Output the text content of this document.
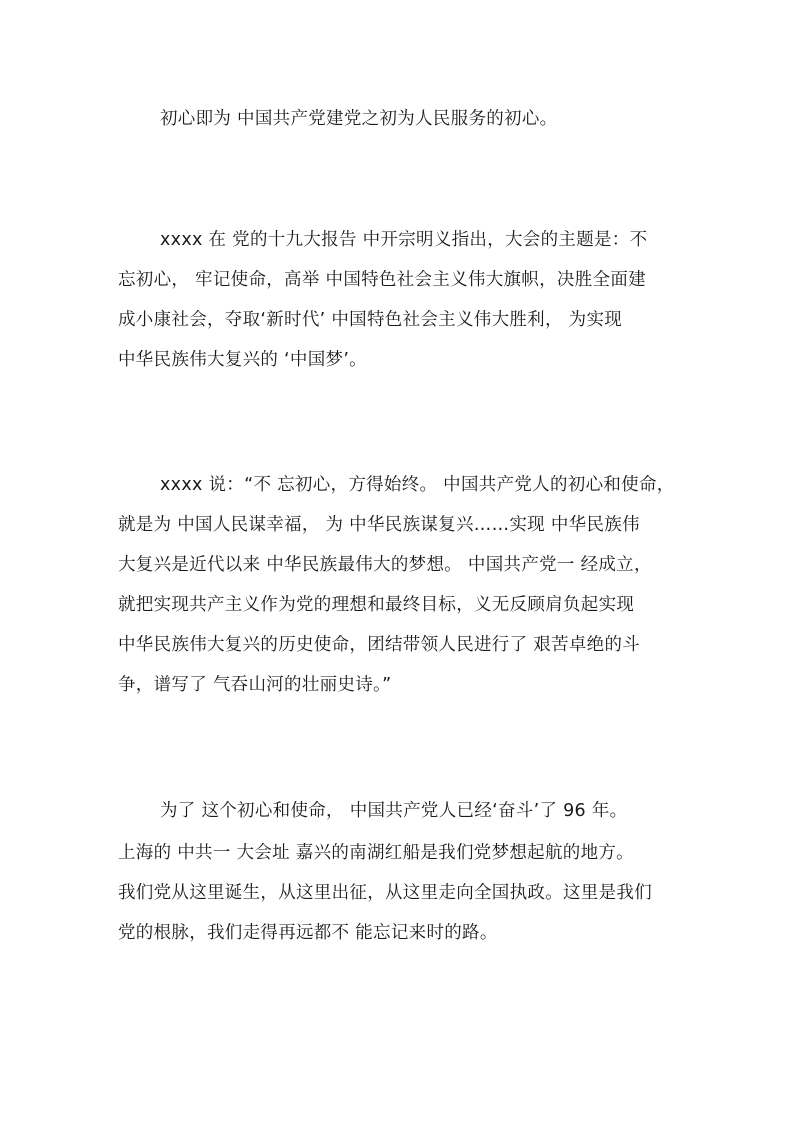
初心即为 中国共产党建党之初为人民服务的初心。
xxxx 在 党的十九大报告 中开宗明义指出，大会的主题是：不
忘初心， 牢记使命，高举 中国特色社会主义伟大旗帜，决胜全面建
成小康社会，夺取‘新时代’ 中国特色社会主义伟大胜利， 为实现
中华民族伟大复兴的 ‘中国梦’。
xxxx 说：“不 忘初心，方得始终。 中国共产党人的初心和使命，
就是为 中国人民谋幸福， 为 中华民族谋复兴……实现 中华民族伟
大复兴是近代以来 中华民族最伟大的梦想。 中国共产党一 经成立，
就把实现共产主义作为党的理想和最终目标，义无反顾肩负起实现
中华民族伟大复兴的历史使命，团结带领人民进行了 艰苦卓绝的斗
争，谱写了 气吞山河的壮丽史诗。”
为了 这个初心和使命， 中国共产党人已经‘奋斗’了 96 年。
上海的 中共一 大会址 嘉兴的南湖红船是我们党梦想起航的地方。
我们党从这里诞生，从这里出征，从这里走向全国执政。这里是我们
党的根脉，我们走得再远都不 能忘记来时的路。
